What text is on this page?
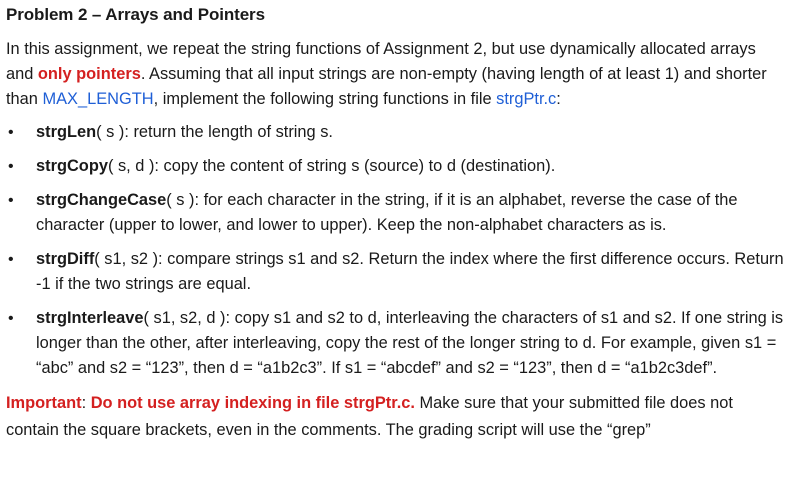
Problem 2 – Arrays and Pointers

In this assignment, we repeat the string functions of Assignment 2, but use dynamically allocated arrays and only pointers. Assuming that all input strings are non-empty (having length of at least 1) and shorter than MAX_LENGTH, implement the following string functions in file strgPtr.c:

• strgLen( s ): return the length of string s.
• strgCopy( s, d ): copy the content of string s (source) to d (destination).
• strgChangeCase( s ): for each character in the string, if it is an alphabet, reverse the case of the character (upper to lower, and lower to upper). Keep the non-alphabet characters as is.
• strgDiff( s1, s2 ): compare strings s1 and s2. Return the index where the first difference occurs. Return -1 if the two strings are equal.
• strgInterleave( s1, s2, d ): copy s1 and s2 to d, interleaving the characters of s1 and s2. If one string is longer than the other, after interleaving, copy the rest of the longer string to d. For example, given s1 = “abc” and s2 = “123”, then d = “a1b2c3”. If s1 = “abcdef” and s2 = “123”, then d = “a1b2c3def”.

Important: Do not use array indexing in file strgPtr.c. Make sure that your submitted file does not contain the square brackets, even in the comments. The grading script will use the “grep”
